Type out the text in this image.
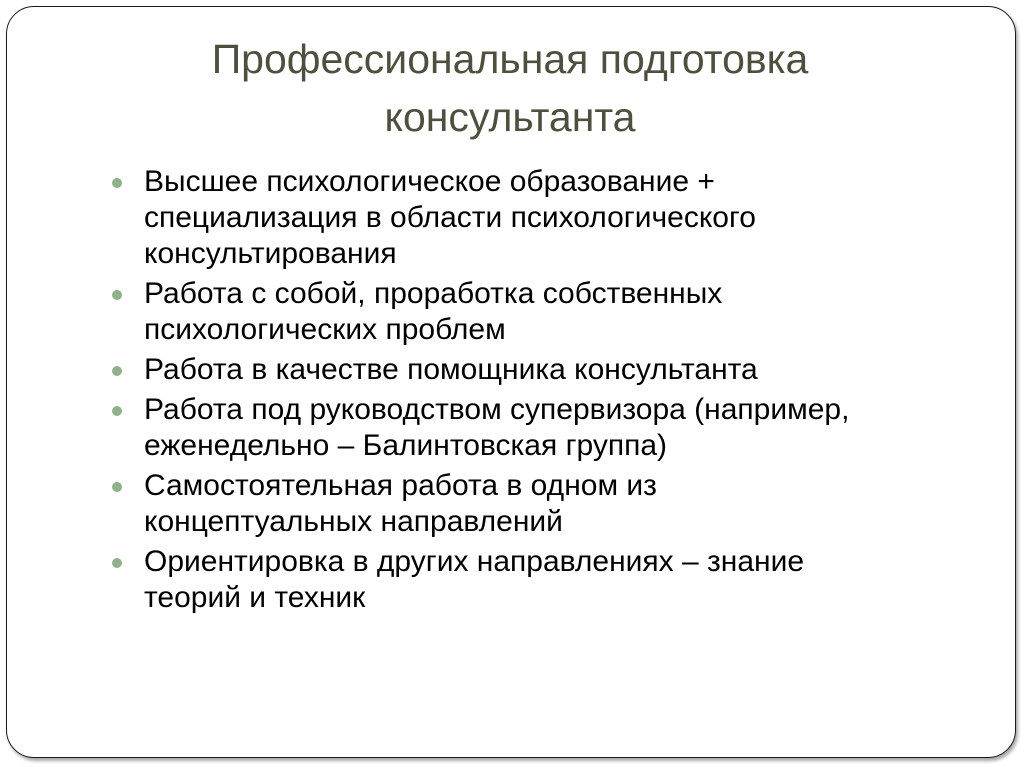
Профессиональная подготовка
консультанта
Высшее психологическое образование +
специализация в области психологического
консультирования
Работа с собой, проработка собственных
психологических проблем
Работа в качестве помощника консультанта
Работа под руководством супервизора (например,
еженедельно – Балинтовская группа)
Самостоятельная работа в одном из
концептуальных направлений
Ориентировка в других направлениях – знание
теорий и техник
